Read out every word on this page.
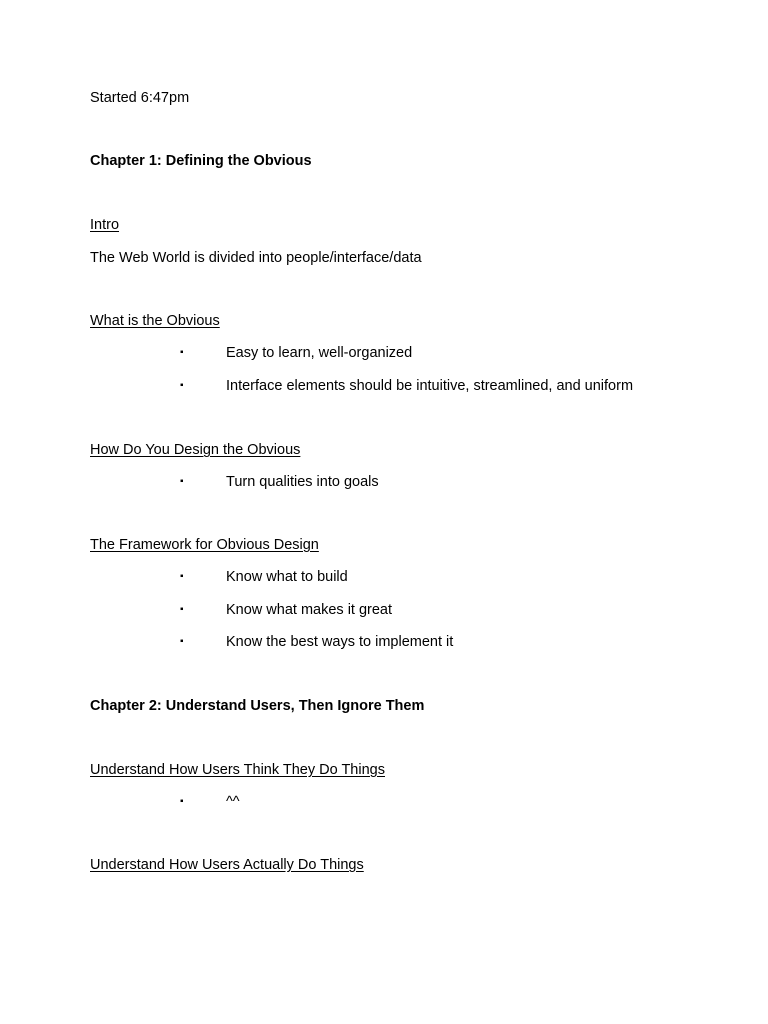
Started 6:47pm
Chapter 1: Defining the Obvious
Intro
The Web World is divided into people/interface/data
What is the Obvious
▪	Easy to learn, well-organized
▪	Interface elements should be intuitive, streamlined, and uniform
How Do You Design the Obvious
▪	Turn qualities into goals
The Framework for Obvious Design
▪	Know what to build
▪	Know what makes it great
▪	Know the best ways to implement it
Chapter 2: Understand Users, Then Ignore Them
Understand How Users Think They Do Things
▪	^^
Understand How Users Actually Do Things
